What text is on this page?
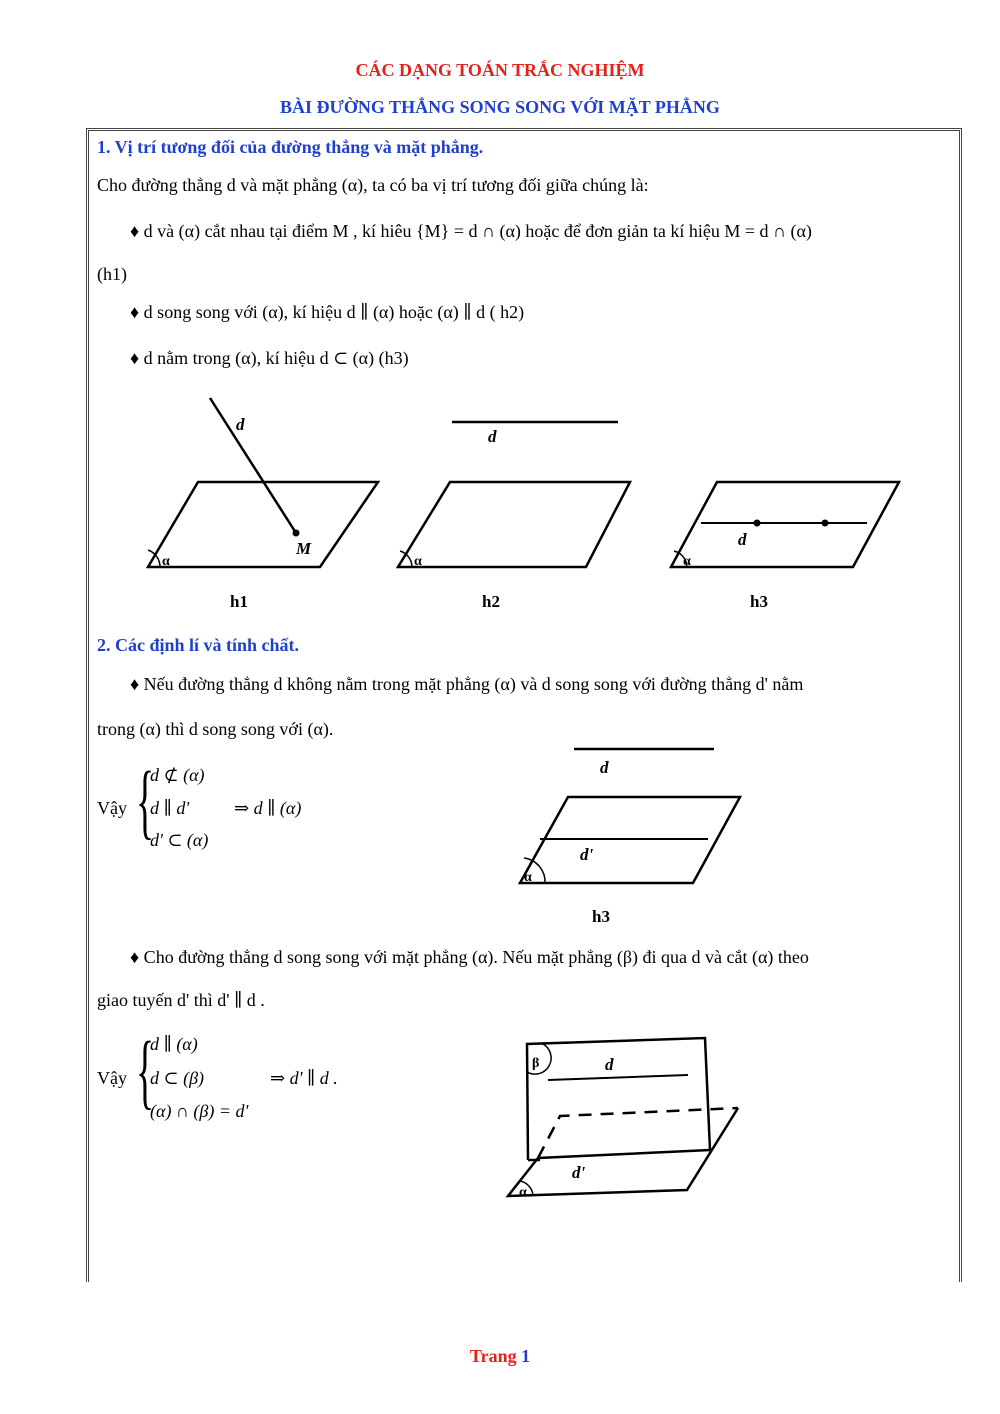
CÁC DẠNG TOÁN TRẮC NGHIỆM
BÀI ĐƯỜNG THẲNG SONG SONG VỚI MẶT PHẲNG
1. Vị trí tương đối của đường thẳng và mặt phẳng.
Cho đường thẳng d và mặt phẳng (α), ta có ba vị trí tương đối giữa chúng là:
♦ d và (α) cắt nhau tại điểm M , kí hiêu {M} = d ∩ (α) hoặc để đơn giản ta kí hiệu M = d ∩ (α)
(h1)
♦ d song song với (α), kí hiệu d ∥ (α) hoặc (α) ∥ d ( h2)
♦ d nằm trong (α), kí hiệu d ⊂ (α) (h3)
d
M
α
h1
d
α
h2
d
α
h3
2. Các định lí và tính chất.
♦ Nếu đường thẳng d không nằm trong mặt phẳng (α) và d song song với đường thẳng d' nằm
trong (α) thì d song song với (α).
Vậy {
d ⊄ (α)
d ∥ d'
d' ⊂ (α)
⇒ d ∥ (α)
d
d'
α
h3
♦ Cho đường thẳng d song song với mặt phẳng (α). Nếu mặt phẳng (β) đi qua d và cắt (α) theo
giao tuyến d' thì d' ∥ d .
Vậy {
d ∥ (α)
d ⊂ (β)
(α) ∩ (β) = d'
⇒ d' ∥ d .
β	d
d'
α
Trang 1
